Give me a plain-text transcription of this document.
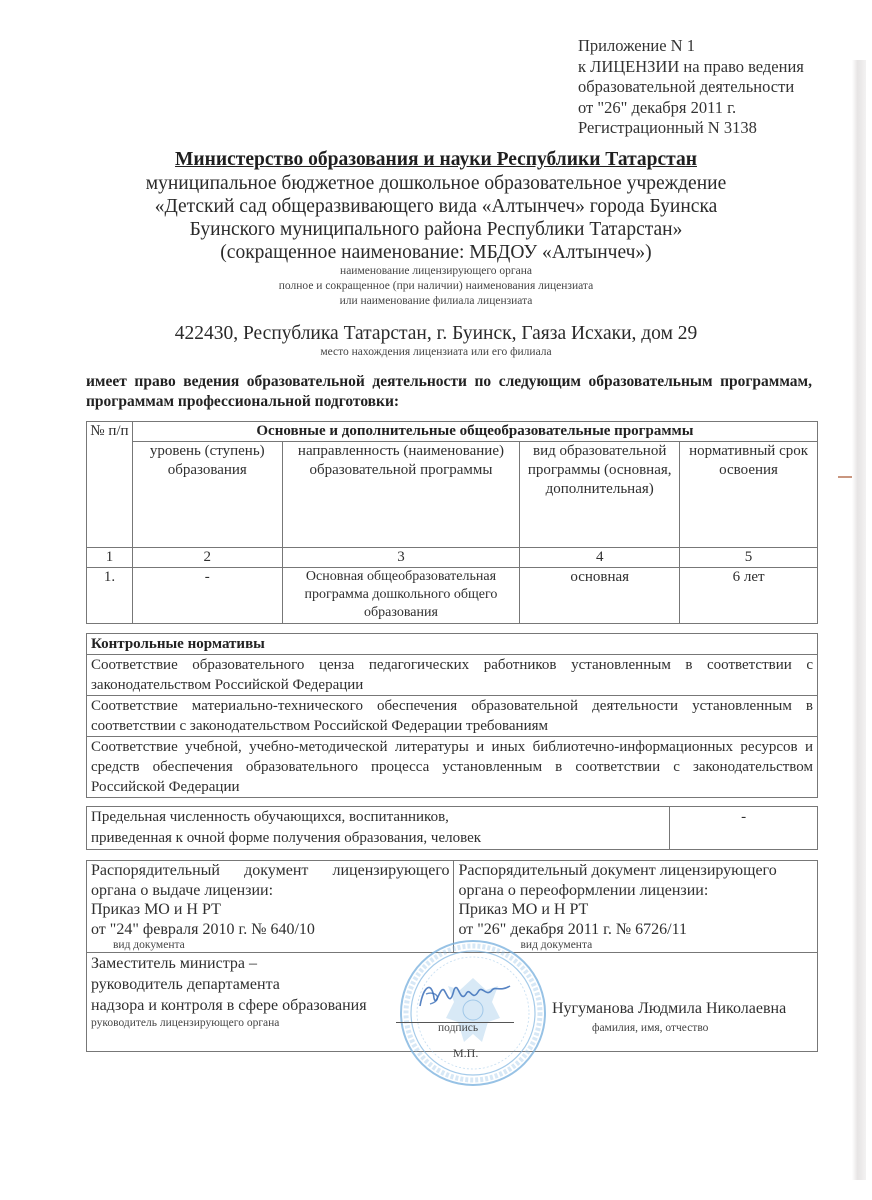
Приложение N 1
к ЛИЦЕНЗИИ на право ведения
образовательной деятельности
от "26" декабря 2011 г.
Регистрационный N 3138
Министерство образования и науки Республики Татарстан
муниципальное бюджетное дошкольное образовательное учреждение
«Детский сад общеразвивающего вида «Алтынчеч» города Буинска
Буинского муниципального района Республики Татарстан»
(сокращенное наименование: МБДОУ «Алтынчеч»)
наименование лицензирующего органа
полное и сокращенное (при наличии) наименования лицензиата
или наименование филиала лицензиата
422430, Республика Татарстан, г. Буинск, Гаяза Исхаки, дом 29
место нахождения лицензиата или его филиала
имеет право ведения образовательной деятельности по следующим образовательным программам, программам профессиональной подготовки:
№ п/п	Основные и дополнительные общеобразовательные программы			
	уровень (ступень) образования	направленность (наименование) образовательной программы	вид образовательной программы (основная, дополнительная)	нормативный срок освоения
1	2	3	4	5
1.	-	Основная общеобразовательная программа дошкольного общего образования	основная	6 лет
Контрольные нормативы
Соответствие образовательного ценза педагогических работников установленным в соответствии с законодательством Российской Федерации
Соответствие материально-технического обеспечения образовательной деятельности установленным в соответствии с законодательством Российской Федерации требованиям
Соответствие учебной, учебно-методической литературы и иных библиотечно-информационных ресурсов и средств обеспечения образовательного процесса установленным в соответствии с законодательством Российской Федерации
Предельная численность обучающихся, воспитанников,
приведенная к очной форме получения образования, человек
	-
Распорядительный документ лицензирующего
органа о выдаче лицензии:
Приказ МО и Н РТ
от "24" февраля 2010 г. № 640/10
вид документа

Распорядительный документ лицензирующего
органа о переоформлении лицензии:
Приказ МО и Н РТ
от "26" декабря 2011 г. № 6726/11
вид документа

Заместитель министра –
руководитель департамента
надзора и контроля в сфере образования
руководитель лицензирующего органа	подпись
М.П.
Нугуманова Людмила Николаевна
фамилия, имя, отчество
